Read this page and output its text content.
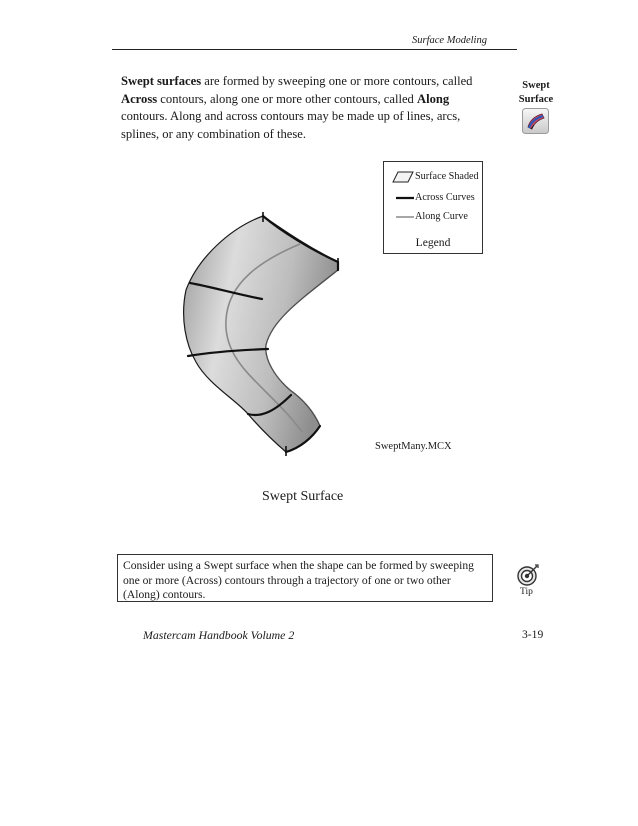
Surface Modeling
Swept surfaces are formed by sweeping one or more contours, called Across contours, along one or more other contours, called Along contours. Along and across contours may be made up of lines, arcs, splines, or any combination of these.
Swept
Surface
Surface Shaded
Across Curves
Along Curve
Legend
SweptMany.MCX
Swept Surface
Consider using a Swept surface when the shape can be formed by sweeping one or more (Across) contours through a trajectory of one or two other (Along) contours.	Tip
Mastercam Handbook Volume 2	3-19
